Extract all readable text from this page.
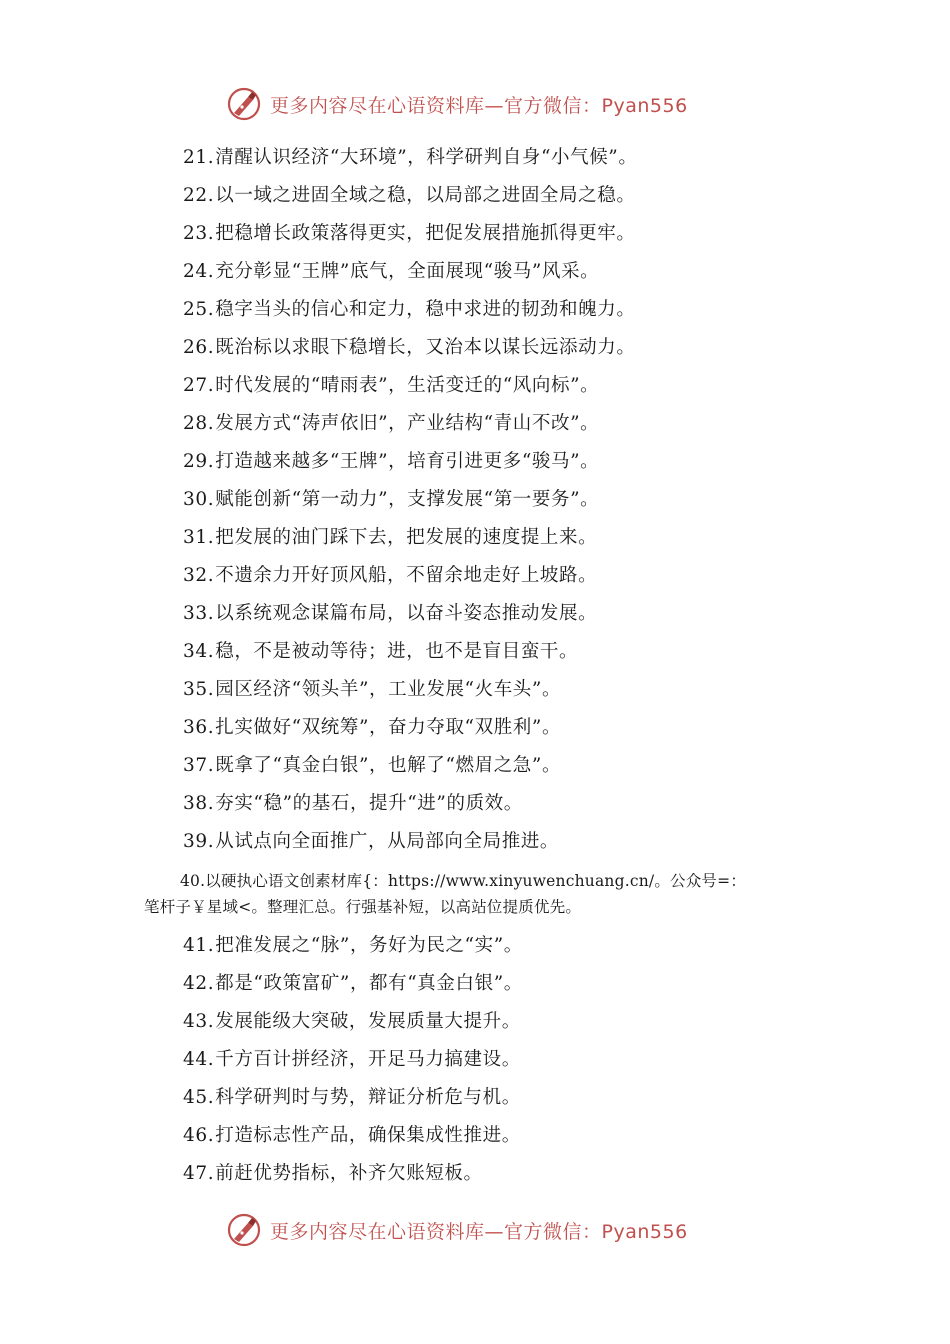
更多内容尽在心语资料库—官方微信：Pyan556
21.清醒认识经济“大环境”，科学研判自身“小气候”。
22.以一域之进固全域之稳，以局部之进固全局之稳。
23.把稳增长政策落得更实，把促发展措施抓得更牢。
24.充分彰显“王牌”底气，全面展现“骏马”风采。
25.稳字当头的信心和定力，稳中求进的韧劲和魄力。
26.既治标以求眼下稳增长，又治本以谋长远添动力。
27.时代发展的“晴雨表”，生活变迁的“风向标”。
28.发展方式“涛声依旧”，产业结构“青山不改”。
29.打造越来越多“王牌”，培育引进更多“骏马”。
30.赋能创新“第一动力”，支撑发展“第一要务”。
31.把发展的油门踩下去，把发展的速度提上来。
32.不遗余力开好顶风船，不留余地走好上坡路。
33.以系统观念谋篇布局，以奋斗姿态推动发展。
34.稳，不是被动等待；进，也不是盲目蛮干。
35.园区经济“领头羊”，工业发展“火车头”。
36.扎实做好“双统筹”，奋力夺取“双胜利”。
37.既拿了“真金白银”，也解了“燃眉之急”。
38.夯实“稳”的基石，提升“进”的质效。
39.从试点向全面推广，从局部向全局推进。
40.以硬执心语文创素材库{：https://www.xinyuwenchuang.cn/。公众号=：
笔杆子￥星域<。整理汇总。行强基补短，以高站位提质优先。
41.把准发展之“脉”，务好为民之“实”。
42.都是“政策富矿”，都有“真金白银”。
43.发展能级大突破，发展质量大提升。
44.千方百计拼经济，开足马力搞建设。
45.科学研判时与势，辩证分析危与机。
46.打造标志性产品，确保集成性推进。
47.前赶优势指标，补齐欠账短板。
更多内容尽在心语资料库—官方微信：Pyan556
